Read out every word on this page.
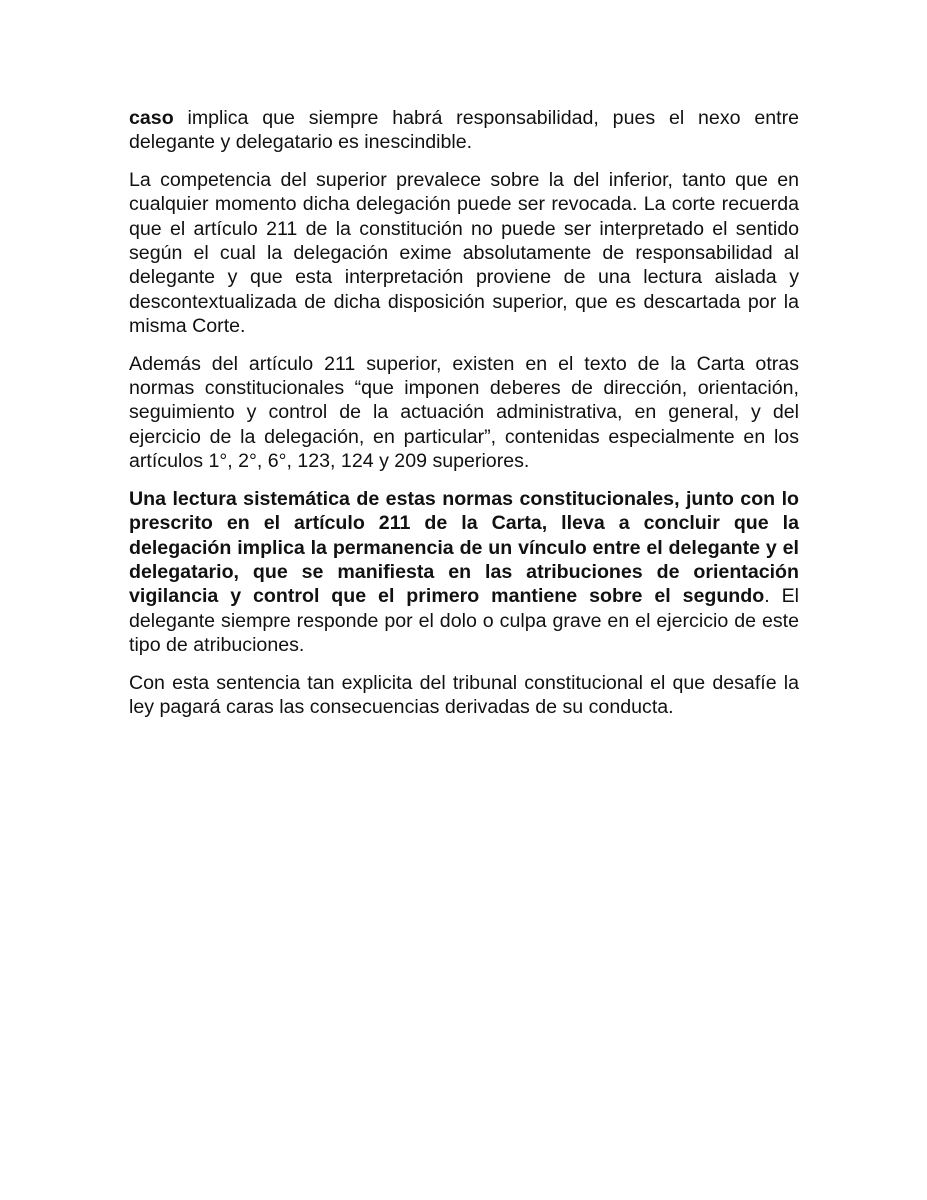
caso implica que siempre habrá responsabilidad, pues el nexo entre delegante y delegatario es inescindible.

La competencia del superior prevalece sobre la del inferior, tanto que en cualquier momento dicha delegación puede ser revocada. La corte recuerda que el artículo 211 de la constitución no puede ser interpretado el sentido según el cual la delegación exime absolutamente de responsabilidad al delegante y que esta interpretación proviene de una lectura aislada y descontextualizada de dicha disposición superior, que es descartada por la misma Corte.

Además del artículo 211 superior, existen en el texto de la Carta otras normas constitucionales “que imponen deberes de dirección, orientación, seguimiento y control de la actuación administrativa, en general, y del ejercicio de la delegación, en particular”, contenidas especialmente en los artículos 1°, 2°, 6°, 123, 124 y 209 superiores.

Una lectura sistemática de estas normas constitucionales, junto con lo prescrito en el artículo 211 de la Carta, lleva a concluir que la delegación implica la permanencia de un vínculo entre el delegante y el delegatario, que se manifiesta en las atribuciones de orientación vigilancia y control que el primero mantiene sobre el segundo. El delegante siempre responde por el dolo o culpa grave en el ejercicio de este tipo de atribuciones.

Con esta sentencia tan explicita del tribunal constitucional el que desafíe la ley pagará caras las consecuencias derivadas de su conducta.
